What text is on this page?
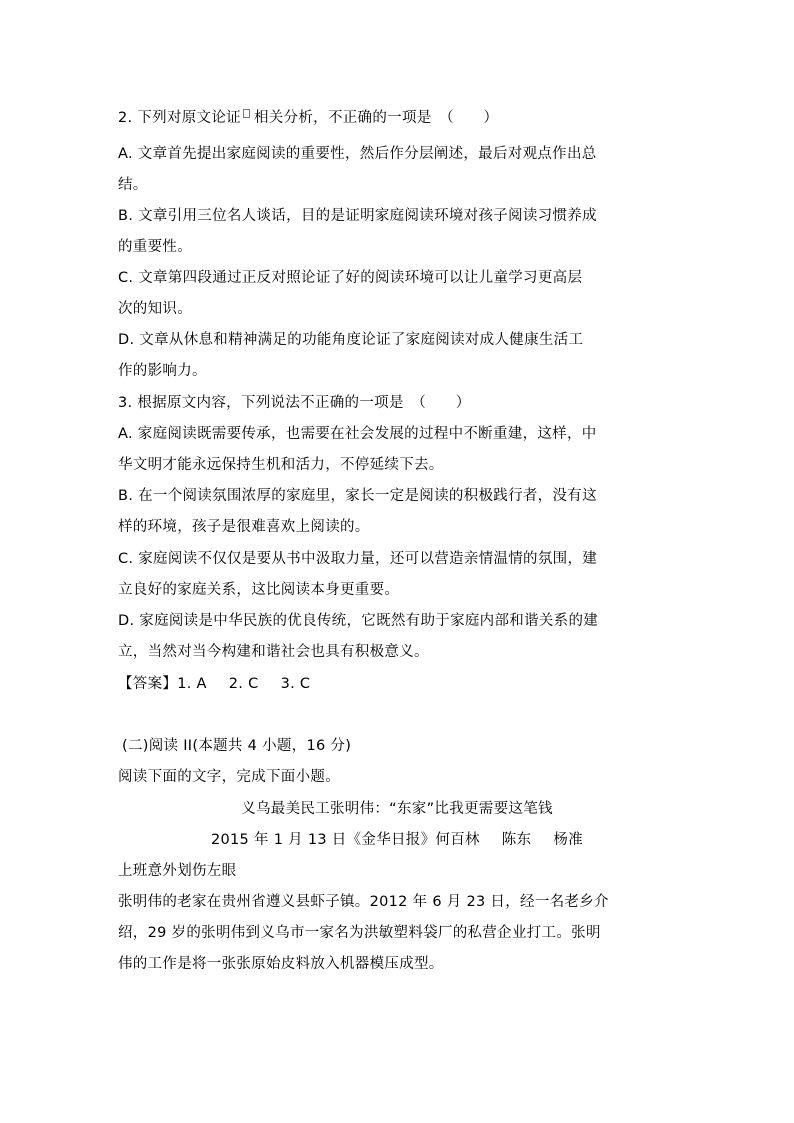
2. 下列对原文论证 相关分析，不正确的一项是　（　　）
A. 文章首先提出家庭阅读的重要性，然后作分层阐述，最后对观点作出总
结。
B. 文章引用三位名人谈话，目的是证明家庭阅读环境对孩子阅读习惯养成
的重要性。
C. 文章第四段通过正反对照论证了好的阅读环境可以让儿童学习更高层
次的知识。
D. 文章从休息和精神满足的功能角度论证了家庭阅读对成人健康生活工
作的影响力。
3. 根据原文内容，下列说法不正确的一项是　（　　）
A. 家庭阅读既需要传承，也需要在社会发展的过程中不断重建，这样，中
华文明才能永远保持生机和活力，不停延续下去。
B. 在一个阅读氛围浓厚的家庭里，家长一定是阅读的积极践行者，没有这
样的环境，孩子是很难喜欢上阅读的。
C. 家庭阅读不仅仅是要从书中汲取力量，还可以营造亲情温情的氛围，建
立良好的家庭关系，这比阅读本身更重要。
D. 家庭阅读是中华民族的优良传统，它既然有助于家庭内部和谐关系的建
立，当然对当今构建和谐社会也具有积极意义。
【答案】1. A 2. C 3. C
(二)阅读 II(本题共 4 小题，16 分)
阅读下面的文字，完成下面小题。
义乌最美民工张明伟：“东家”比我更需要这笔钱
2015 年 1 月 13 日《金华日报》何百林 陈东 杨准
上班意外划伤左眼
张明伟的老家在贵州省遵义县虾子镇。2012 年 6 月 23 日，经一名老乡介
绍，29 岁的张明伟到义乌市一家名为洪敏塑料袋厂的私营企业打工。张明
伟的工作是将一张张原始皮料放入机器模压成型。
